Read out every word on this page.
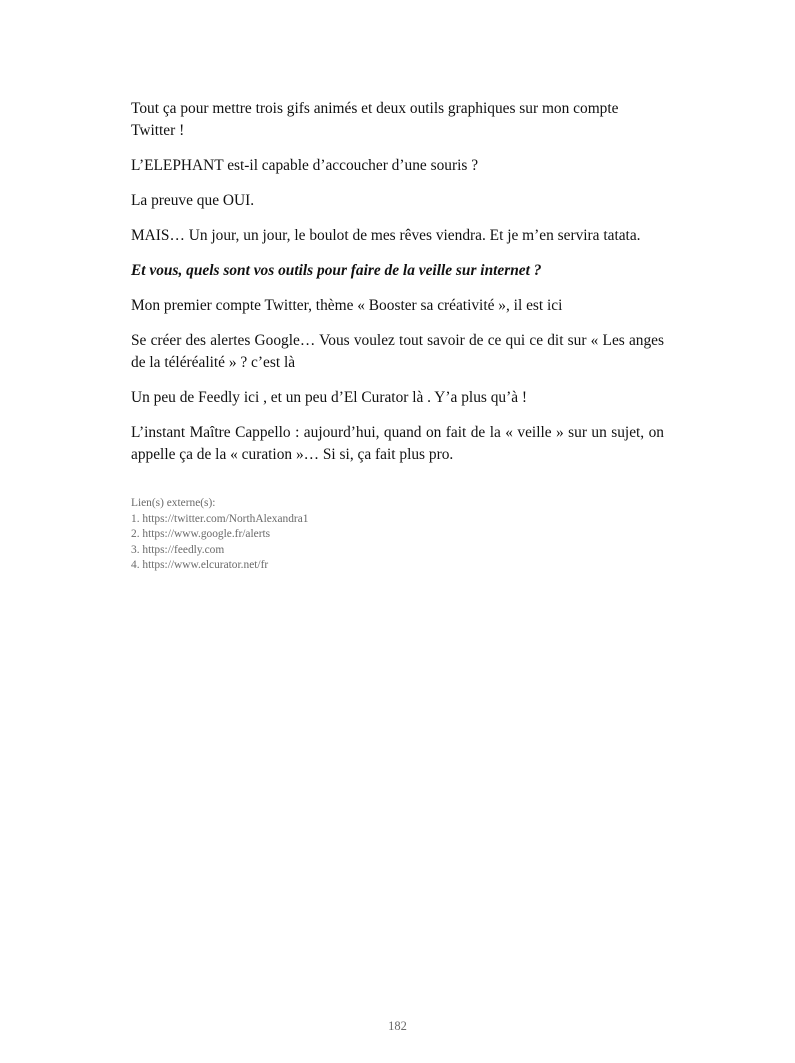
Tout ça pour mettre trois gifs animés et deux outils graphiques sur mon compte Twitter !

L’ELEPHANT est-il capable d’accoucher d’une souris ?

La preuve que OUI.

MAIS… Un jour, un jour, le boulot de mes rêves viendra. Et je m’en servira tatata.

Et vous, quels sont vos outils pour faire de la veille sur internet ?

Mon premier compte Twitter, thème « Booster sa créativité », il est ici

Se créer des alertes Google… Vous voulez tout savoir de ce qui ce dit sur « Les anges de la téléréalité » ? c’est là

Un peu de Feedly ici , et un peu d’El Curator là . Y’a plus qu’à !

L’instant Maître Cappello : aujourd’hui, quand on fait de la « veille » sur un sujet, on appelle ça de la « curation »… Si si, ça fait plus pro.

Lien(s) externe(s):
1. https://twitter.com/NorthAlexandra1
2. https://www.google.fr/alerts
3. https://feedly.com
4. https://www.elcurator.net/fr
182
